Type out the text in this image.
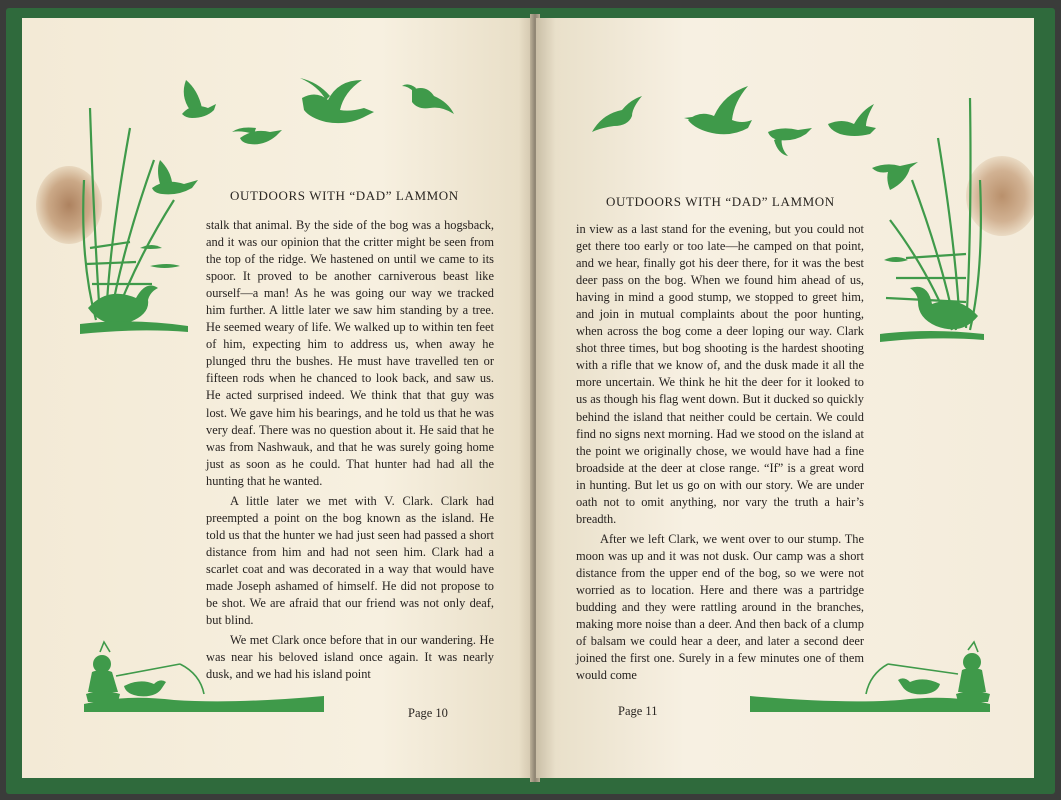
OUTDOORS WITH “DAD” LAMMON

stalk that animal. By the side of the bog was a hogsback, and it was our opinion that the critter might be seen from the top of the ridge. We hastened on until we came to its spoor. It proved to be another carniverous beast like ourself—a man! As he was going our way we tracked him further. A little later we saw him standing by a tree. He seemed weary of life. We walked up to within ten feet of him, expecting him to address us, when away he plunged thru the bushes. He must have travelled ten or fifteen rods when he chanced to look back, and saw us. He acted surprised indeed. We think that that guy was lost. We gave him his bearings, and he told us that he was very deaf. There was no question about it. He said that he was from Nashwauk, and that he was surely going home just as soon as he could. That hunter had had all the hunting that he wanted.

A little later we met with V. Clark. Clark had preempted a point on the bog known as the island. He told us that the hunter we had just seen had passed a short distance from him and had not seen him. Clark had a scarlet coat and was decorated in a way that would have made Joseph ashamed of himself. He did not propose to be shot. We are afraid that our friend was not only deaf, but blind.

We met Clark once before that in our wandering. He was near his beloved island once again. It was nearly dusk, and we had his island point

Page 10
OUTDOORS WITH “DAD” LAMMON

in view as a last stand for the evening, but you could not get there too early or too late—he camped on that point, and we hear, finally got his deer there, for it was the best deer pass on the bog. When we found him ahead of us, having in mind a good stump, we stopped to greet him, and join in mutual complaints about the poor hunting, when across the bog come a deer loping our way. Clark shot three times, but bog shooting is the hardest shooting with a rifle that we know of, and the dusk made it all the more uncertain. We think he hit the deer for it looked to us as though his flag went down. But it ducked so quickly behind the island that neither could be certain. We could find no signs next morning. Had we stood on the island at the point we originally chose, we would have had a fine broadside at the deer at close range. “If” is a great word in hunting. But let us go on with our story. We are under oath not to omit anything, nor vary the truth a hair’s breadth.

After we left Clark, we went over to our stump. The moon was up and it was not dusk. Our camp was a short distance from the upper end of the bog, so we were not worried as to location. Here and there was a partridge budding and they were rattling around in the branches, making more noise than a deer. And then back of a clump of balsam we could hear a deer, and later a second deer joined the first one. Surely in a few minutes one of them would come

Page 11
